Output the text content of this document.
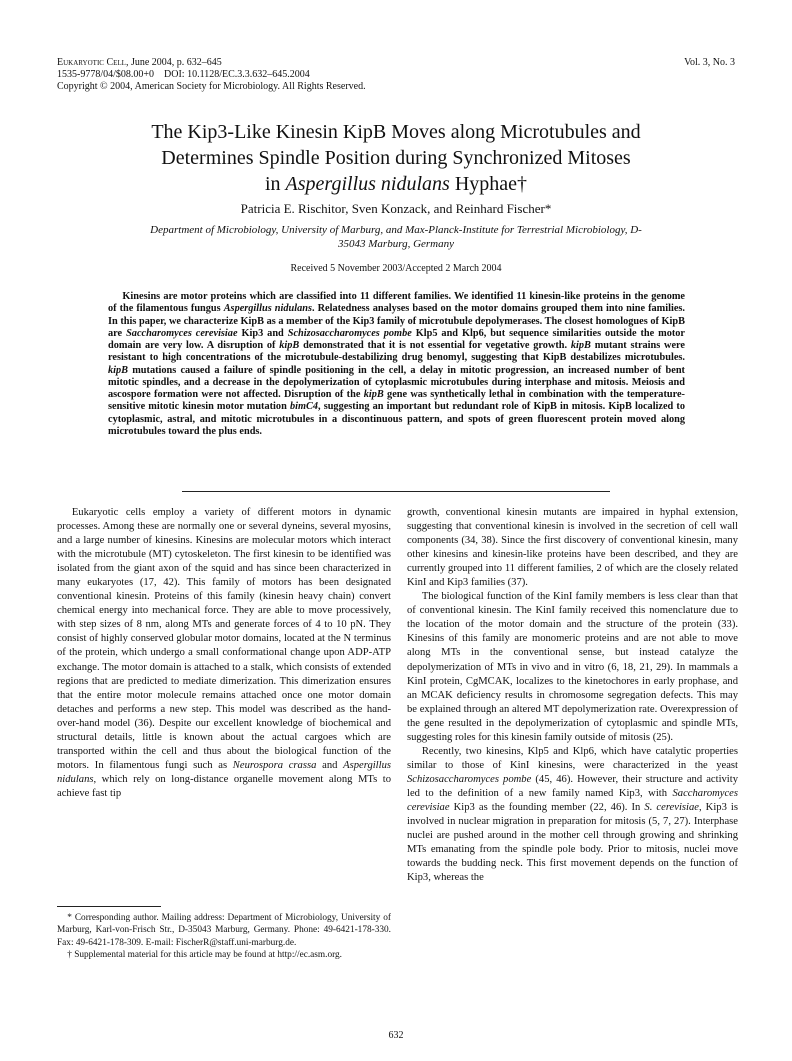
Eukaryotic Cell, June 2004, p. 632–645
1535-9778/04/$08.00+0    DOI: 10.1128/EC.3.3.632–645.2004
Copyright © 2004, American Society for Microbiology. All Rights Reserved.
Vol. 3, No. 3
The Kip3-Like Kinesin KipB Moves along Microtubules and
Determines Spindle Position during Synchronized Mitoses
in Aspergillus nidulans Hyphae†
Patricia E. Rischitor, Sven Konzack, and Reinhard Fischer*
Department of Microbiology, University of Marburg, and Max-Planck-Institute for Terrestrial Microbiology, D-35043 Marburg, Germany
Received 5 November 2003/Accepted 2 March 2004
Kinesins are motor proteins which are classified into 11 different families. We identified 11 kinesin-like proteins in the genome of the filamentous fungus Aspergillus nidulans. Relatedness analyses based on the motor domains grouped them into nine families. In this paper, we characterize KipB as a member of the Kip3 family of microtubule depolymerases. The closest homologues of KipB are Saccharomyces cerevisiae Kip3 and Schizosaccharomyces pombe Klp5 and Klp6, but sequence similarities outside the motor domain are very low. A disruption of kipB demonstrated that it is not essential for vegetative growth. kipB mutant strains were resistant to high concentrations of the microtubule-destabilizing drug benomyl, suggesting that KipB destabilizes microtubules. kipB mutations caused a failure of spindle positioning in the cell, a delay in mitotic progression, an increased number of bent mitotic spindles, and a decrease in the depolymerization of cytoplasmic microtubules during interphase and mitosis. Meiosis and ascospore formation were not affected. Disruption of the kipB gene was synthetically lethal in combination with the temperature-sensitive mitotic kinesin motor mutation bimC4, suggesting an important but redundant role of KipB in mitosis. KipB localized to cytoplasmic, astral, and mitotic microtubules in a discontinuous pattern, and spots of green fluorescent protein moved along microtubules toward the plus ends.

Eukaryotic cells employ a variety of different motors in dynamic processes. Among these are normally one or several dyneins, several myosins, and a large number of kinesins. Kinesins are molecular motors which interact with the microtubule (MT) cytoskeleton. The first kinesin to be identified was isolated from the giant axon of the squid and has since been characterized in many eukaryotes (17, 42). This family of motors has been designated conventional kinesin. Proteins of this family (kinesin heavy chain) convert chemical energy into mechanical force. They are able to move processively, with step sizes of 8 nm, along MTs and generate forces of 4 to 10 pN. They consist of highly conserved globular motor domains, located at the N terminus of the protein, which undergo a small conformational change upon ADP-ATP exchange. The motor domain is attached to a stalk, which consists of extended regions that are predicted to mediate dimerization. This dimerization ensures that the entire motor molecule remains attached once one motor domain detaches and performs a new step. This model was described as the hand-over-hand model (36). Despite our excellent knowledge of biochemical and structural details, little is known about the actual cargoes which are transported within the cell and thus about the biological function of the motors. In filamentous fungi such as Neurospora crassa and Aspergillus nidulans, which rely on long-distance organelle movement along MTs to achieve fast tip

* Corresponding author. Mailing address: Department of Microbiology, University of Marburg, Karl-von-Frisch Str., D-35043 Marburg, Germany. Phone: 49-6421-178-330. Fax: 49-6421-178-309. E-mail: FischerR@staff.uni-marburg.de.

† Supplemental material for this article may be found at http://ec.asm.org.

growth, conventional kinesin mutants are impaired in hyphal extension, suggesting that conventional kinesin is involved in the secretion of cell wall components (34, 38). Since the first discovery of conventional kinesin, many other kinesins and kinesin-like proteins have been described, and they are currently grouped into 11 different families, 2 of which are the closely related KinI and Kip3 families (37).

The biological function of the KinI family members is less clear than that of conventional kinesin. The KinI family received this nomenclature due to the location of the motor domain and the structure of the protein (33). Kinesins of this family are monomeric proteins and are not able to move along MTs in the conventional sense, but instead catalyze the depolymerization of MTs in vivo and in vitro (6, 18, 21, 29). In mammals a KinI protein, CgMCAK, localizes to the kinetochores in early prophase, and an MCAK deficiency results in chromosome segregation defects. This may be explained through an altered MT depolymerization rate. Overexpression of the gene resulted in the depolymerization of cytoplasmic and spindle MTs, suggesting roles for this kinesin family outside of mitosis (25).

Recently, two kinesins, Klp5 and Klp6, which have catalytic properties similar to those of KinI kinesins, were characterized in the yeast Schizosaccharomyces pombe (45, 46). However, their structure and activity led to the definition of a new family named Kip3, with Saccharomyces cerevisiae Kip3 as the founding member (22, 46). In S. cerevisiae, Kip3 is involved in nuclear migration in preparation for mitosis (5, 7, 27). Interphase nuclei are pushed around in the mother cell through growing and shrinking MTs emanating from the spindle pole body. Prior to mitosis, nuclei move towards the budding neck. This first movement depends on the function of Kip3, whereas the

632
